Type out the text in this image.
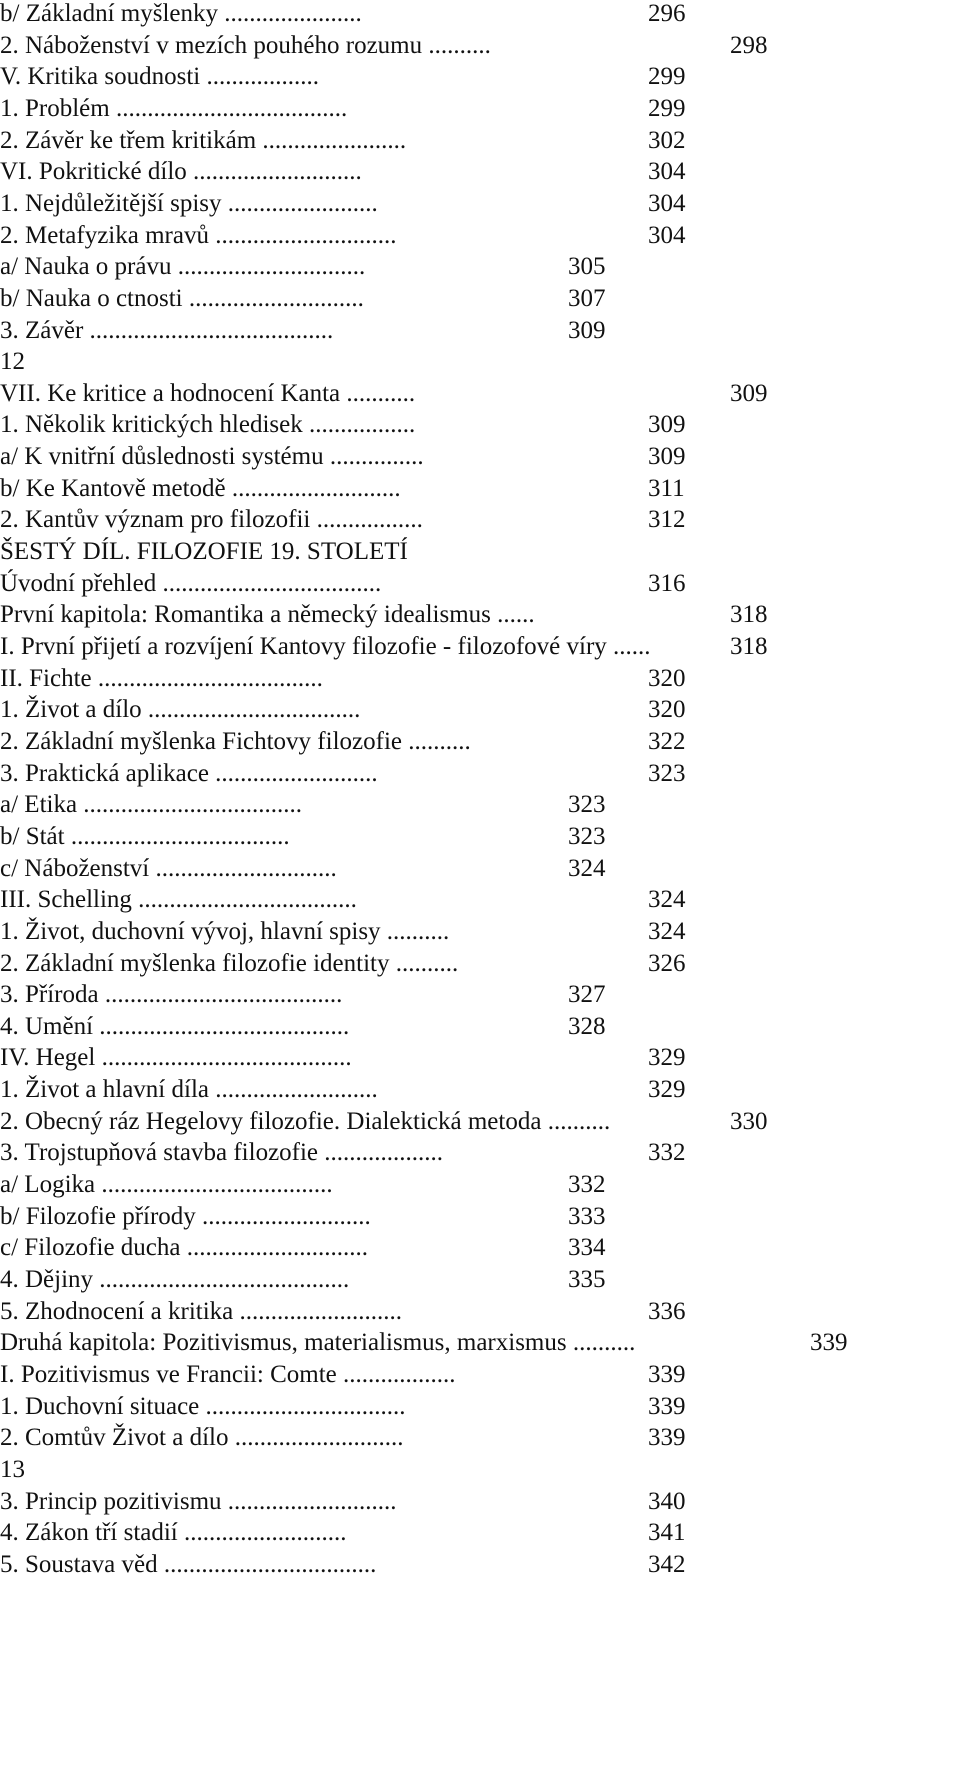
b/ Základní myšlenky ......................	296
2. Náboženství v mezích pouhého rozumu ..........	298
V. Kritika soudnosti ..................	299
1. Problém .....................................	299
2. Závěr ke třem kritikám .......................	302
VI. Pokritické dílo ...........................	304
1. Nejdůležitější spisy ........................	304
2. Metafyzika mravů .............................	304
a/ Nauka o právu ..............................	305
b/ Nauka o ctnosti ............................	307
3. Závěr .......................................	309
12
VII. Ke kritice a hodnocení Kanta ...........	309
1. Několik kritických hledisek .................	309
a/ K vnitřní důslednosti systému ...............	309
b/ Ke Kantově metodě ...........................	311
2. Kantův význam pro filozofii .................	312
ŠESTÝ DÍL. FILOZOFIE 19. STOLETÍ
Úvodní přehled ...................................	316
První kapitola: Romantika a německý idealismus ......	318
I. První přijetí a rozvíjení Kantovy filozofie - filozofové víry ......	318
II. Fichte ....................................	320
1. Život a dílo ..................................	320
2. Základní myšlenka Fichtovy filozofie ..........	322
3. Praktická aplikace ..........................	323
a/ Etika ...................................	323
b/ Stát ...................................	323
c/ Náboženství .............................	324
III. Schelling ...................................	324
1. Život, duchovní vývoj, hlavní spisy ..........	324
2. Základní myšlenka filozofie identity ..........	326
3. Příroda ......................................	327
4. Umění ........................................	328
IV. Hegel ........................................	329
1. Život a hlavní díla ..........................	329
2. Obecný ráz Hegelovy filozofie. Dialektická metoda ..........	330
3. Trojstupňová stavba filozofie ...................	332
a/ Logika .....................................	332
b/ Filozofie přírody ...........................	333
c/ Filozofie ducha .............................	334
4. Dějiny ........................................	335
5. Zhodnocení a kritika ..........................	336
Druhá kapitola: Pozitivismus, materialismus, marxismus ..........	339
I. Pozitivismus ve Francii: Comte ..................	339
1. Duchovní situace ................................	339
2. Comtův Život a dílo ...........................	339
13
3. Princip pozitivismu ...........................	340
4. Zákon tří stadií ..........................	341
5. Soustava věd ..................................	342
